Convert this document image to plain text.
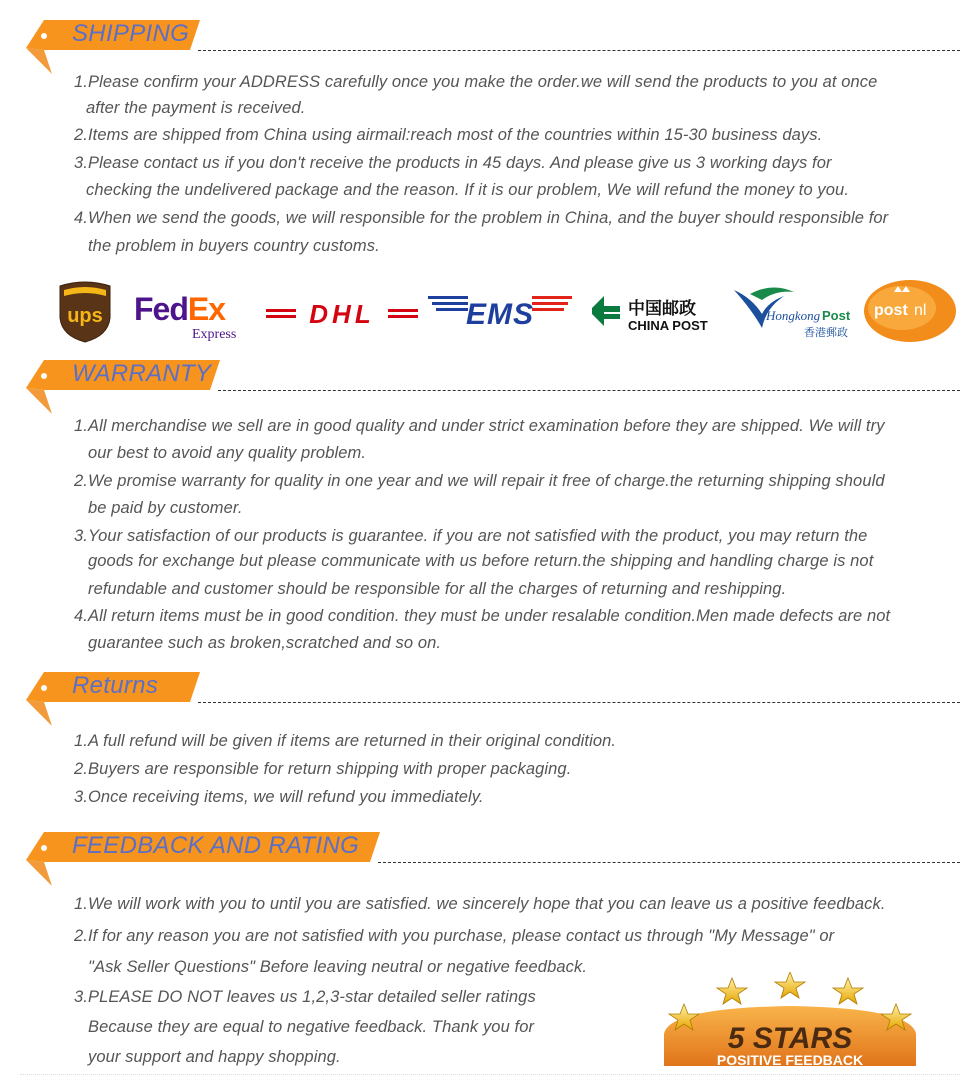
SHIPPING
1.Please confirm your ADDRESS carefully once you make the order.we will send the products to you at once
after the payment is received.
2.Items are shipped from China using airmail:reach most of the countries within 15-30 business days.
3.Please contact us if you don't receive the products in 45 days. And please give us 3 working days for
checking the undelivered package and the reason. If it is our problem, We will refund the money to you.
4.When we send the goods, we will responsible for the problem in China, and the buyer should responsible for
the problem in buyers country customs.
ups FedEx
Express
DHL	EMS	中国邮政
CHINA POST
Hongkong Post
香港郵政
post nl
WARRANTY
1.All merchandise we sell are in good quality and under strict examination before they are shipped. We will try
our best to avoid any quality problem.
2.We promise warranty for quality in one year and we will repair it free of charge.the returning shipping should
be paid by customer.
3.Your satisfaction of our products is guarantee. if you are not satisfied with the product, you may return the
goods for exchange but please communicate with us before return.the shipping and handling charge is not
refundable and customer should be responsible for all the charges of returning and reshipping.
4.All return items must be in good condition. they must be under resalable condition.Men made defects are not
guarantee such as broken,scratched and so on.
Returns
1.A full refund will be given if items are returned in their original condition.
2.Buyers are responsible for return shipping with proper packaging.
3.Once receiving items, we will refund you immediately.
FEEDBACK AND RATING
1.We will work with you to until you are satisfied. we sincerely hope that you can leave us a positive feedback.
2.If for any reason you are not satisfied with you purchase, please contact us through "My Message" or
"Ask Seller Questions" Before leaving neutral or negative feedback.
3.PLEASE DO NOT leaves us 1,2,3-star detailed seller ratings
Because they are equal to negative feedback. Thank you for
your support and happy shopping.
5 STARS
POSITIVE FEEDBACK
